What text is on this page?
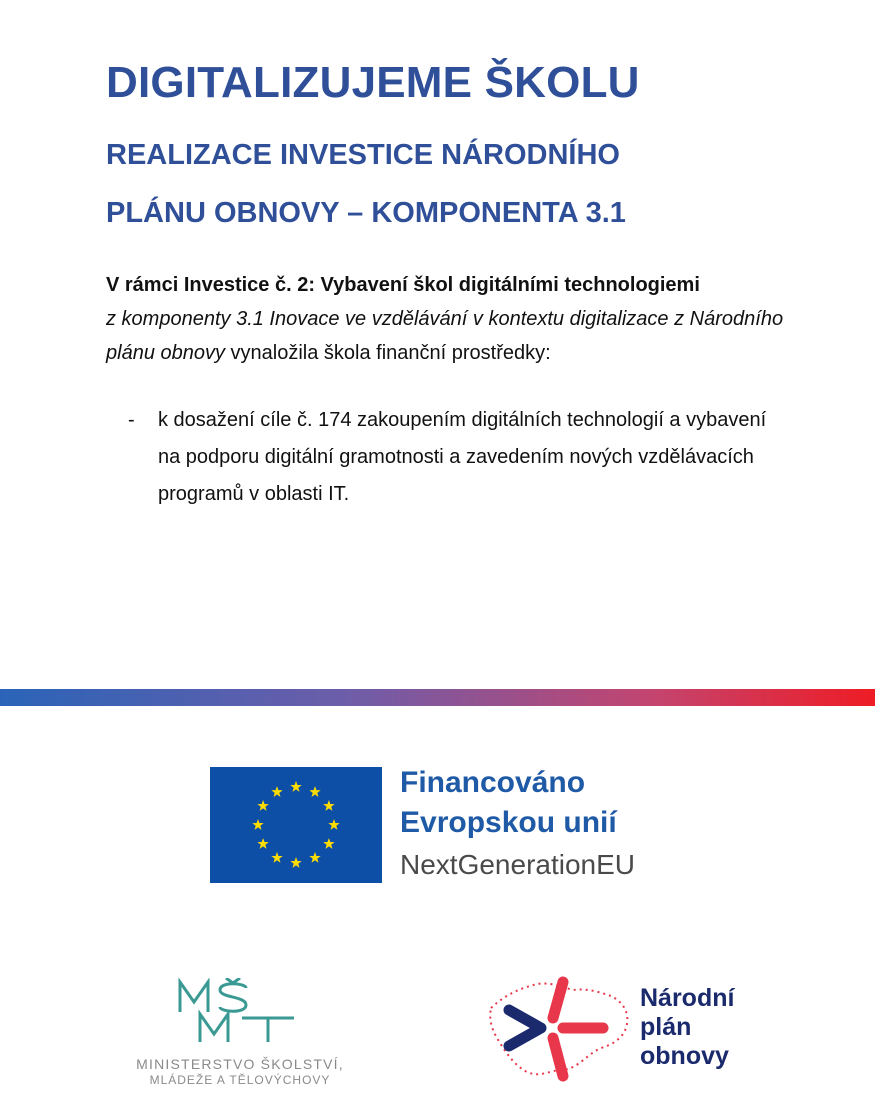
DIGITALIZUJEME ŠKOLU
REALIZACE INVESTICE NÁRODNÍHO
PLÁNU OBNOVY – KOMPONENTA 3.1

V rámci Investice č. 2: Vybavení škol digitálními technologiemi
z komponenty 3.1 Inovace ve vzdělávání v kontextu digitalizace z Národního plánu obnovy vynaložila škola finanční prostředky:

- k dosažení cíle č. 174 zakoupením digitálních technologií a vybavení na podporu digitální gramotnosti a zavedením nových vzdělávacích programů v oblasti IT.
Financováno
Evropskou unií
NextGenerationEU
MINISTERSTVO ŠKOLSTVÍ,
MLÁDEŽE A TĚLOVÝCHOVY
Národní
plán
obnovy
